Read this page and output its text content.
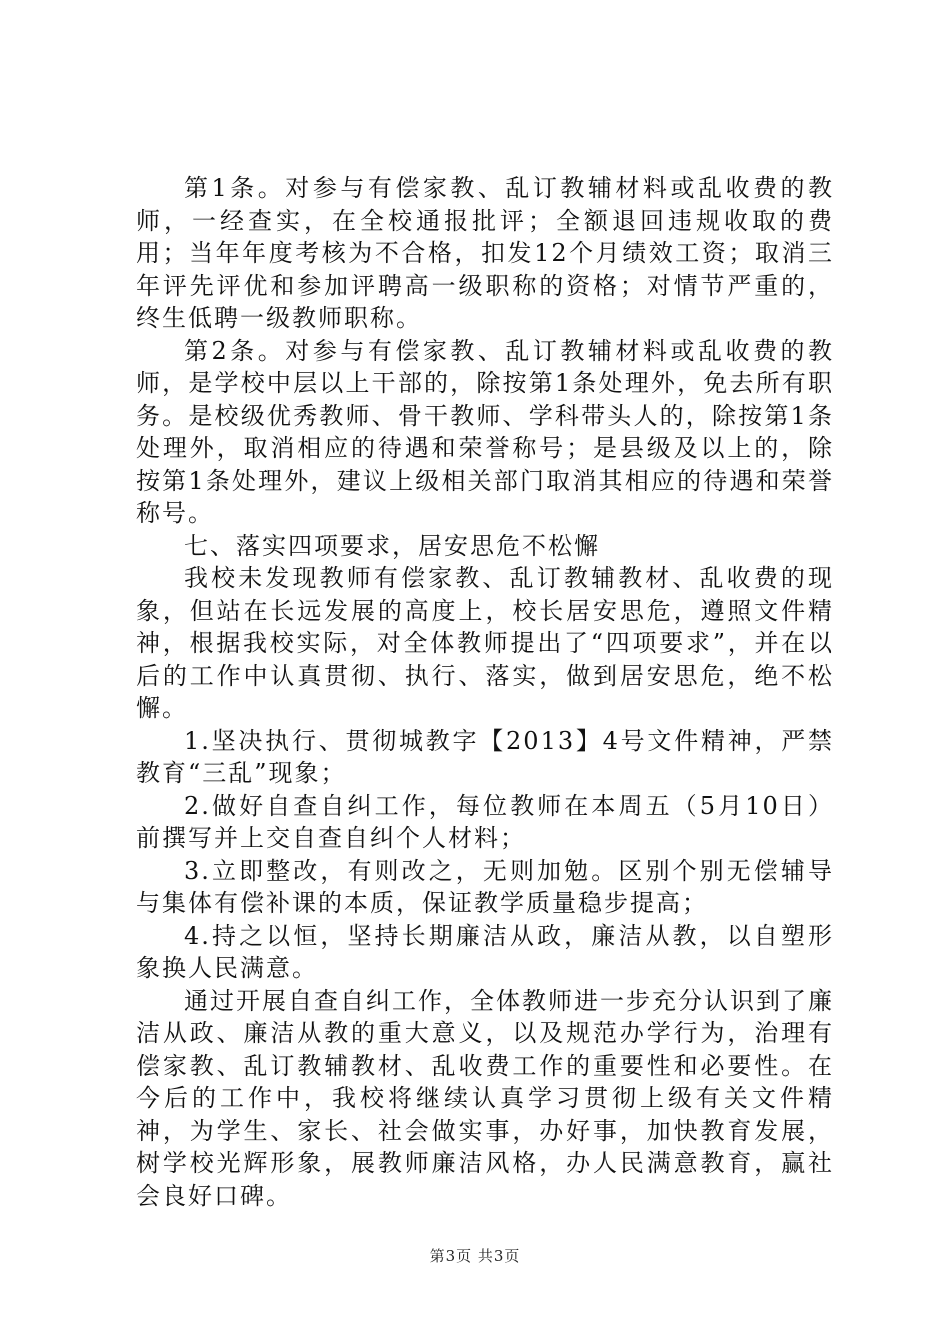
第1条。对参与有偿家教、乱订教辅材料或乱收费的教师，一经查实，在全校通报批评；全额退回违规收取的费用；当年年度考核为不合格，扣发12个月绩效工资；取消三年评先评优和参加评聘高一级职称的资格；对情节严重的，终生低聘一级教师职称。

第2条。对参与有偿家教、乱订教辅材料或乱收费的教师，是学校中层以上干部的，除按第1条处理外，免去所有职务。是校级优秀教师、骨干教师、学科带头人的，除按第1条处理外，取消相应的待遇和荣誉称号；是县级及以上的，除按第1条处理外，建议上级相关部门取消其相应的待遇和荣誉称号。

七、落实四项要求，居安思危不松懈

我校未发现教师有偿家教、乱订教辅教材、乱收费的现象，但站在长远发展的高度上，校长居安思危，遵照文件精神，根据我校实际，对全体教师提出了“四项要求”，并在以后的工作中认真贯彻、执行、落实，做到居安思危，绝不松懈。

1.坚决执行、贯彻城教字【2013】4号文件精神，严禁教育“三乱”现象；

2.做好自查自纠工作，每位教师在本周五（5月10日）前撰写并上交自查自纠个人材料；

3.立即整改，有则改之，无则加勉。区别个别无偿辅导与集体有偿补课的本质，保证教学质量稳步提高；

4.持之以恒，坚持长期廉洁从政，廉洁从教，以自塑形象换人民满意。

通过开展自查自纠工作，全体教师进一步充分认识到了廉洁从政、廉洁从教的重大意义，以及规范办学行为，治理有偿家教、乱订教辅教材、乱收费工作的重要性和必要性。在今后的工作中，我校将继续认真学习贯彻上级有关文件精神，为学生、家长、社会做实事，办好事，加快教育发展，树学校光辉形象，展教师廉洁风格，办人民满意教育，赢社会良好口碑。

第3页 共3页
